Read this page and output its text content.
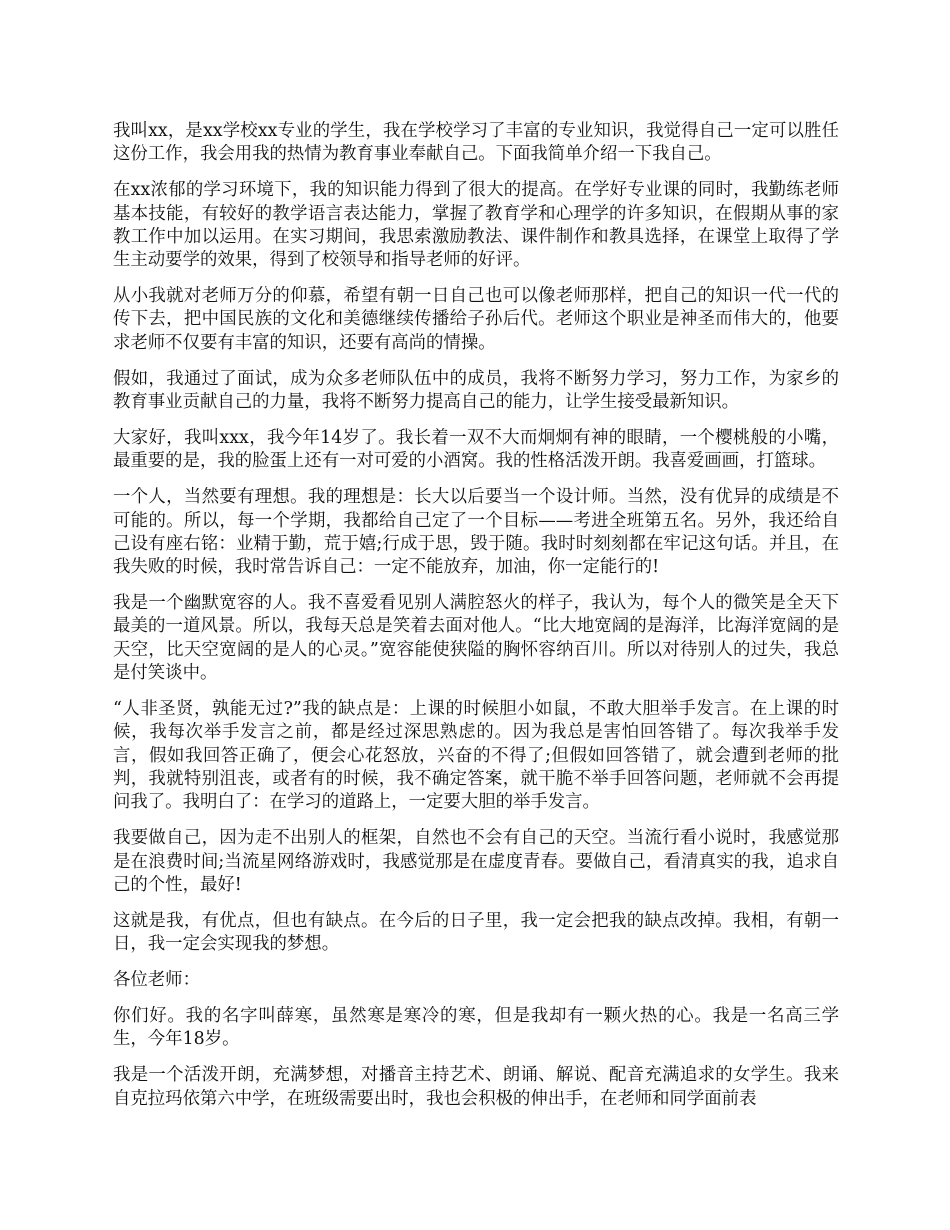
我叫xx，是xx学校xx专业的学生，我在学校学习了丰富的专业知识，我觉得自己一定可以胜任这份工作，我会用我的热情为教育事业奉献自己。下面我简单介绍一下我自己。

在xx浓郁的学习环境下，我的知识能力得到了很大的提高。在学好专业课的同时，我勤练老师基本技能，有较好的教学语言表达能力，掌握了教育学和心理学的许多知识，在假期从事的家教工作中加以运用。在实习期间，我思索激励教法、课件制作和教具选择，在课堂上取得了学生主动要学的效果，得到了校领导和指导老师的好评。

从小我就对老师万分的仰慕，希望有朝一日自己也可以像老师那样，把自己的知识一代一代的传下去，把中国民族的文化和美德继续传播给子孙后代。老师这个职业是神圣而伟大的，他要求老师不仅要有丰富的知识，还要有高尚的情操。

假如，我通过了面试，成为众多老师队伍中的成员，我将不断努力学习，努力工作，为家乡的教育事业贡献自己的力量，我将不断努力提高自己的能力，让学生接受最新知识。

大家好，我叫xxx，我今年14岁了。我长着一双不大而炯炯有神的眼睛，一个樱桃般的小嘴，最重要的是，我的脸蛋上还有一对可爱的小酒窝。我的性格活泼开朗。我喜爱画画，打篮球。

一个人，当然要有理想。我的理想是：长大以后要当一个设计师。当然，没有优异的成绩是不可能的。所以，每一个学期，我都给自己定了一个目标——考进全班第五名。另外，我还给自己设有座右铭：业精于勤，荒于嬉;行成于思，毁于随。我时时刻刻都在牢记这句话。并且，在我失败的时候，我时常告诉自己：一定不能放弃，加油，你一定能行的!

我是一个幽默宽容的人。我不喜爱看见别人满腔怒火的样子，我认为，每个人的微笑是全天下最美的一道风景。所以，我每天总是笑着去面对他人。“比大地宽阔的是海洋，比海洋宽阔的是天空，比天空宽阔的是人的心灵。”宽容能使狭隘的胸怀容纳百川。所以对待别人的过失，我总是付笑谈中。

“人非圣贤，孰能无过?”我的缺点是：上课的时候胆小如鼠，不敢大胆举手发言。在上课的时候，我每次举手发言之前，都是经过深思熟虑的。因为我总是害怕回答错了。每次我举手发言，假如我回答正确了，便会心花怒放，兴奋的不得了;但假如回答错了，就会遭到老师的批判，我就特别沮丧，或者有的时候，我不确定答案，就干脆不举手回答问题，老师就不会再提问我了。我明白了：在学习的道路上，一定要大胆的举手发言。

我要做自己，因为走不出别人的框架，自然也不会有自己的天空。当流行看小说时，我感觉那是在浪费时间;当流星网络游戏时，我感觉那是在虚度青春。要做自己，看清真实的我，追求自己的个性，最好!

这就是我，有优点，但也有缺点。在今后的日子里，我一定会把我的缺点改掉。我相，有朝一日，我一定会实现我的梦想。

各位老师：

你们好。我的名字叫薛寒，虽然寒是寒冷的寒，但是我却有一颗火热的心。我是一名高三学生，今年18岁。

我是一个活泼开朗，充满梦想，对播音主持艺术、朗诵、解说、配音充满追求的女学生。我来自克拉玛依第六中学，在班级需要出时，我也会积极的伸出手，在老师和同学面前表
